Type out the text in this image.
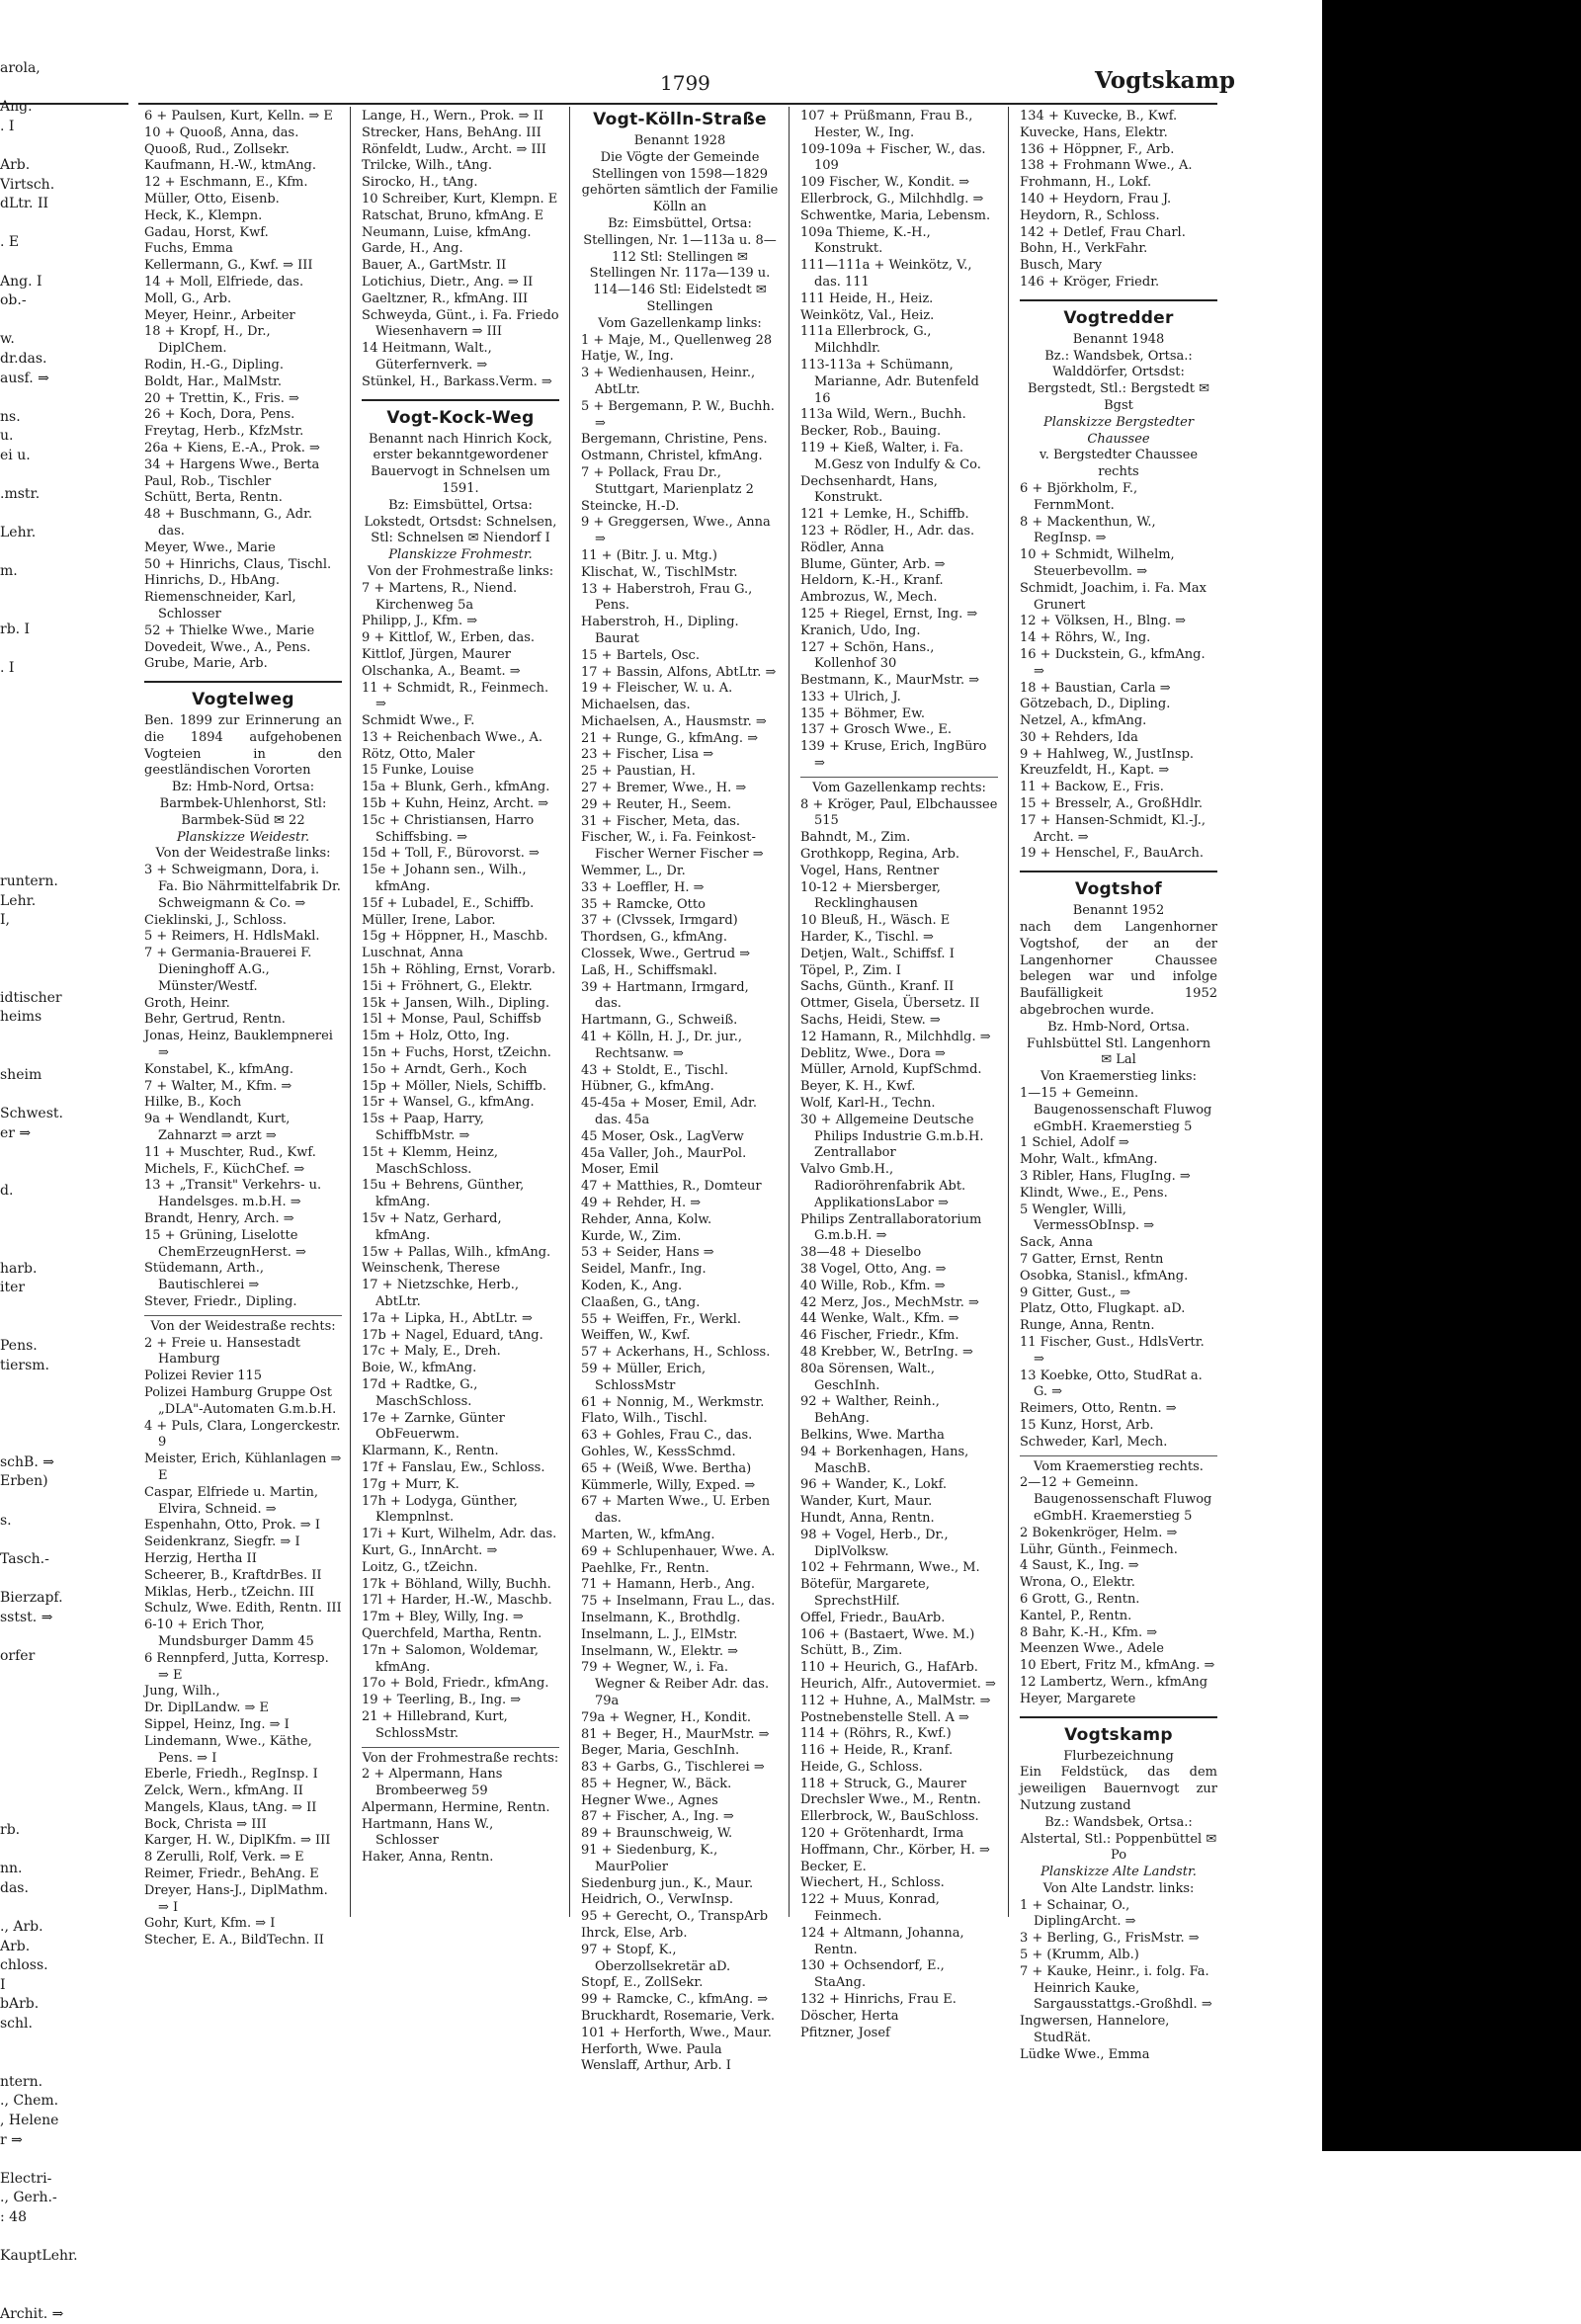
arola,
Ang.
. I
Arb.
Virtsch.
dLtr. II
. E
Ang. I
ob.-
w.
dr.das.
ausf. ⇒
ns.
u.
ei u.
.mstr.
Lehr.
m.
rb. I
. I
runtern.
Lehr.
I,
idtischer
heims
sheim
Schwest.
er ⇒
d.
harb.
iter
Pens.
tiersm.
schB. ⇒
Erben)
s.
Tasch.-
Bierzapf.
sstst. ⇒
orfer
rb.
nn.
das.
., Arb.
Arb.
chloss.
I
bArb.
schl.
ntern.
., Chem.
, Helene
r ⇒
Electri-
., Gerh.-
: 48
KauptLehr.
Archit. ⇒
1799	Vogtskamp
6 + Paulsen, Kurt, Kelln. ⇒ E
10 + Quooß, Anna, das.
Quooß, Rud., Zollsekr.
Kaufmann, H.-W., ktmAng.
12 + Eschmann, E., Kfm.
Müller, Otto, Eisenb.
Heck, K., Klempn.
Gadau, Horst, Kwf.
Fuchs, Emma
Kellermann, G., Kwf. ⇒ III
14 + Moll, Elfriede, das.
Moll, G., Arb.
Meyer, Heinr., Arbeiter
18 + Kropf, H., Dr., DiplChem.
Rodin, H.-G., Dipling.
Boldt, Har., MalMstr.
20 + Trettin, K., Fris. ⇒
26 + Koch, Dora, Pens.
Freytag, Herb., KfzMstr.
26a + Kiens, E.-A., Prok. ⇒
34 + Hargens Wwe., Berta
Paul, Rob., Tischler
Schütt, Berta, Rentn.
48 + Buschmann, G., Adr. das.
Meyer, Wwe., Marie
50 + Hinrichs, Claus, Tischl.
Hinrichs, D., HbAng.
Riemenschneider, Karl, Schlosser
52 + Thielke Wwe., Marie
Dovedeit, Wwe., A., Pens.
Grube, Marie, Arb.
Vogtelweg
Ben. 1899 zur Erinnerung an die 1894 aufgehobenen Vogteien in den geestländischen Vororten
Bz: Hmb-Nord, Ortsa: Barmbek-Uhlenhorst, Stl: Barmbek-Süd ✉ 22
Planskizze Weidestr.
Von der Weidestraße links:
3 + Schweigmann, Dora, i. Fa. Bio Nährmittelfabrik Dr. Schweigmann & Co. ⇒
Cieklinski, J., Schloss.
5 + Reimers, H. HdlsMakl.
7 + Germania-Brauerei F. Dieninghoff A.G., Münster/Westf.
Groth, Heinr.
Behr, Gertrud, Rentn.
Jonas, Heinz, Bauklempnerei ⇒
Konstabel, K., kfmAng.
7 + Walter, M., Kfm. ⇒
Hilke, B., Koch
9a + Wendlandt, Kurt, Zahnarzt ⇒ arzt ⇒
11 + Muschter, Rud., Kwf.
Michels, F., KüchChef. ⇒
13 + „Transit" Verkehrs- u. Handelsges. m.b.H. ⇒
Brandt, Henry, Arch. ⇒
15 + Grüning, Liselotte ChemErzeugnHerst. ⇒
Stüdemann, Arth., Bautischlerei ⇒
Stever, Friedr., Dipling.
Von der Weidestraße rechts:
2 + Freie u. Hansestadt Hamburg
Polizei Revier 115
Polizei Hamburg Gruppe Ost „DLA"-Automaten G.m.b.H.
4 + Puls, Clara, Longerckestr. 9
Meister, Erich, Kühlanlagen ⇒ E
Caspar, Elfriede u. Martin, Elvira, Schneid. ⇒
Espenhahn, Otto, Prok. ⇒ I
Seidenkranz, Siegfr. ⇒ I
Herzig, Hertha II
Scheerer, B., KraftdrBes. II
Miklas, Herb., tZeichn. III
Schulz, Wwe. Edith, Rentn. III
6-10 + Erich Thor, Mundsburger Damm 45
6 Rennpferd, Jutta, Korresp. ⇒ E
Jung, Wilh.,
Dr. DiplLandw. ⇒ E
Sippel, Heinz, Ing. ⇒ I
Lindemann, Wwe., Käthe, Pens. ⇒ I
Eberle, Friedh., RegInsp. I
Zelck, Wern., kfmAng. II
Mangels, Klaus, tAng. ⇒ II
Bock, Christa ⇒ III
Karger, H. W., DiplKfm. ⇒ III
8 Zerulli, Rolf, Verk. ⇒ E
Reimer, Friedr., BehAng. E
Dreyer, Hans-J., DiplMathm. ⇒ I
Gohr, Kurt, Kfm. ⇒ I
Stecher, E. A., BildTechn. II
Lange, H., Wern., Prok. ⇒ II
Strecker, Hans, BehAng. III
Rönfeldt, Ludw., Archt. ⇒ III
Trilcke, Wilh., tAng.
Sirocko, H., tAng.
10 Schreiber, Kurt, Klempn. E
Ratschat, Bruno, kfmAng. E
Neumann, Luise, kfmAng.
Garde, H., Ang.
Bauer, A., GartMstr. II
Lotichius, Dietr., Ang. ⇒ II
Gaeltzner, R., kfmAng. III
Schweyda, Günt., i. Fa. Friedo Wiesenhavern ⇒ III
14 Heitmann, Walt., Güterfernverk. ⇒
Stünkel, H., Barkass.Verm. ⇒
Vogt-Kock-Weg
Benannt nach Hinrich Kock, erster bekanntgewordener Bauervogt in Schnelsen um 1591.
Bz: Eimsbüttel, Ortsa: Lokstedt, Ortsdst: Schnelsen, Stl: Schnelsen ✉ Niendorf I
Planskizze Frohmestr.
Von der Frohmestraße links:
7 + Martens, R., Niend. Kirchenweg 5a
Philipp, J., Kfm. ⇒
9 + Kittlof, W., Erben, das.
Kittlof, Jürgen, Maurer
Olschanka, A., Beamt. ⇒
11 + Schmidt, R., Feinmech. ⇒
Schmidt Wwe., F.
13 + Reichenbach Wwe., A.
Rötz, Otto, Maler
15 Funke, Louise
15a + Blunk, Gerh., kfmAng.
15b + Kuhn, Heinz, Archt. ⇒
15c + Christiansen, Harro Schiffsbing. ⇒
15d + Toll, F., Bürovorst. ⇒
15e + Johann sen., Wilh., kfmAng.
15f + Lubadel, E., Schiffb.
Müller, Irene, Labor.
15g + Höppner, H., Maschb.
Luschnat, Anna
15h + Röhling, Ernst, Vorarb.
15i + Fröhnert, G., Elektr.
15k + Jansen, Wilh., Dipling.
15l + Monse, Paul, Schiffsb
15m + Holz, Otto, Ing.
15n + Fuchs, Horst, tZeichn.
15o + Arndt, Gerh., Koch
15p + Möller, Niels, Schiffb.
15r + Wansel, G., kfmAng.
15s + Paap, Harry, SchiffbMstr. ⇒
15t + Klemm, Heinz, MaschSchloss.
15u + Behrens, Günther, kfmAng.
15v + Natz, Gerhard, kfmAng.
15w + Pallas, Wilh., kfmAng.
Weinschenk, Therese
17 + Nietzschke, Herb., AbtLtr.
17a + Lipka, H., AbtLtr. ⇒
17b + Nagel, Eduard, tAng.
17c + Maly, E., Dreh.
Boie, W., kfmAng.
17d + Radtke, G., MaschSchloss.
17e + Zarnke, Günter ObFeuerwm.
Klarmann, K., Rentn.
17f + Fanslau, Ew., Schloss.
17g + Murr, K.
17h + Lodyga, Günther, Klempnlnst.
17i + Kurt, Wilhelm, Adr. das.
Kurt, G., InnArcht. ⇒
Loitz, G., tZeichn.
17k + Böhland, Willy, Buchh.
17l + Harder, H.-W., Maschb.
17m + Bley, Willy, Ing. ⇒
Querchfeld, Martha, Rentn.
17n + Salomon, Woldemar, kfmAng.
17o + Bold, Friedr., kfmAng.
19 + Teerling, B., Ing. ⇒
21 + Hillebrand, Kurt, SchlossMstr.
Von der Frohmestraße rechts:
2 + Alpermann, Hans Brombeerweg 59
Alpermann, Hermine, Rentn.
Hartmann, Hans W., Schlosser
Haker, Anna, Rentn.
Vogt-Kölln-Straße
Benannt 1928
Die Vögte der Gemeinde Stellingen von 1598—1829 gehörten sämtlich der Familie Kölln an
Bz: Eimsbüttel, Ortsa: Stellingen, Nr. 1—113a u. 8—112 Stl: Stellingen ✉ Stellingen Nr. 117a—139 u. 114—146 Stl: Eidelstedt ✉ Stellingen
Vom Gazellenkamp links:
1 + Maje, M., Quellenweg 28
Hatje, W., Ing.
3 + Wedienhausen, Heinr., AbtLtr.
5 + Bergemann, P. W., Buchh. ⇒
Bergemann, Christine, Pens.
Ostmann, Christel, kfmAng.
7 + Pollack, Frau Dr., Stuttgart, Marienplatz 2
Steincke, H.-D.
9 + Greggersen, Wwe., Anna ⇒
11 + (Bitr. J. u. Mtg.)
Klischat, W., TischlMstr.
13 + Haberstroh, Frau G., Pens.
Haberstroh, H., Dipling. Baurat
15 + Bartels, Osc.
17 + Bassin, Alfons, AbtLtr. ⇒
19 + Fleischer, W. u. A.
Michaelsen, das.
Michaelsen, A., Hausmstr. ⇒
21 + Runge, G., kfmAng. ⇒
23 + Fischer, Lisa ⇒
25 + Paustian, H.
27 + Bremer, Wwe., H. ⇒
29 + Reuter, H., Seem.
31 + Fischer, Meta, das.
Fischer, W., i. Fa. Feinkost-Fischer Werner Fischer ⇒
Wemmer, L., Dr.
33 + Loeffler, H. ⇒
35 + Ramcke, Otto
37 + (Clvssek, Irmgard)
Thordsen, G., kfmAng.
Clossek, Wwe., Gertrud ⇒
Laß, H., Schiffsmakl.
39 + Hartmann, Irmgard, das.
Hartmann, G., Schweiß.
41 + Kölln, H. J., Dr. jur., Rechtsanw. ⇒
43 + Stoldt, E., Tischl.
Hübner, G., kfmAng.
45-45a + Moser, Emil, Adr. das. 45a
45 Moser, Osk., LagVerw
45a Valler, Joh., MaurPol.
Moser, Emil
47 + Matthies, R., Domteur
49 + Rehder, H. ⇒
Rehder, Anna, Kolw.
Kurde, W., Zim.
53 + Seider, Hans ⇒
Seidel, Manfr., Ing.
Koden, K., Ang.
Claaßen, G., tAng.
55 + Weiffen, Fr., Werkl.
Weiffen, W., Kwf.
57 + Ackerhans, H., Schloss.
59 + Müller, Erich, SchlossMstr
61 + Nonnig, M., Werkmstr.
Flato, Wilh., Tischl.
63 + Gohles, Frau C., das.
Gohles, W., KessSchmd.
65 + (Weiß, Wwe. Bertha)
Kümmerle, Willy, Exped. ⇒
67 + Marten Wwe., U. Erben das.
Marten, W., kfmAng.
69 + Schlupenhauer, Wwe. A.
Paehlke, Fr., Rentn.
71 + Hamann, Herb., Ang.
75 + Inselmann, Frau L., das.
Inselmann, K., Brothdlg.
Inselmann, L. J., ElMstr.
Inselmann, W., Elektr. ⇒
79 + Wegner, W., i. Fa. Wegner & Reiber Adr. das. 79a
79a + Wegner, H., Kondit.
81 + Beger, H., MaurMstr. ⇒
Beger, Maria, GeschInh.
83 + Garbs, G., Tischlerei ⇒
85 + Hegner, W., Bäck.
Hegner Wwe., Agnes
87 + Fischer, A., Ing. ⇒
89 + Braunschweig, W.
91 + Siedenburg, K., MaurPolier
Siedenburg jun., K., Maur.
Heidrich, O., VerwInsp.
95 + Gerecht, O., TranspArb
Ihrck, Else, Arb.
97 + Stopf, K., Oberzollsekretär aD.
Stopf, E., ZollSekr.
99 + Ramcke, C., kfmAng. ⇒
Bruckhardt, Rosemarie, Verk.
101 + Herforth, Wwe., Maur.
Herforth, Wwe. Paula
Wenslaff, Arthur, Arb. I
107 + Prüßmann, Frau B., Hester, W., Ing.
109-109a + Fischer, W., das. 109
109 Fischer, W., Kondit. ⇒
Ellerbrock, G., Milchhdlg. ⇒
Schwentke, Maria, Lebensm.
109a Thieme, K.-H., Konstrukt.
111—111a + Weinkötz, V., das. 111
111 Heide, H., Heiz.
Weinkötz, Val., Heiz.
111a Ellerbrock, G., Milchhdlr.
113-113a + Schümann, Marianne, Adr. Butenfeld 16
113a Wild, Wern., Buchh.
Becker, Rob., Bauing.
119 + Kieß, Walter, i. Fa. M.Gesz von Indulfy & Co.
Dechsenhardt, Hans, Konstrukt.
121 + Lemke, H., Schiffb.
123 + Rödler, H., Adr. das.
Rödler, Anna
Blume, Günter, Arb. ⇒
Heldorn, K.-H., Kranf.
Ambrozus, W., Mech.
125 + Riegel, Ernst, Ing. ⇒
Kranich, Udo, Ing.
127 + Schön, Hans., Kollenhof 30
Bestmann, K., MaurMstr. ⇒
133 + Ulrich, J.
135 + Böhmer, Ew.
137 + Grosch Wwe., E.
139 + Kruse, Erich, IngBüro ⇒
Vom Gazellenkamp rechts:
8 + Kröger, Paul, Elbchaussee 515
Bahndt, M., Zim.
Grothkopp, Regina, Arb.
Vogel, Hans, Rentner
10-12 + Miersberger, Recklinghausen
10 Bleuß, H., Wäsch. E
Harder, K., Tischl. ⇒
Detjen, Walt., Schiffsf. I
Töpel, P., Zim. I
Sachs, Günth., Kranf. II
Ottmer, Gisela, Übersetz. II
Sachs, Heidi, Stew. ⇒
12 Hamann, R., Milchhdlg. ⇒
Deblitz, Wwe., Dora ⇒
Müller, Arnold, KupfSchmd.
Beyer, K. H., Kwf.
Wolf, Karl-H., Techn.
30 + Allgemeine Deutsche Philips Industrie G.m.b.H. Zentrallabor
Valvo Gmb.H., Radioröhrenfabrik Abt. ApplikationsLabor ⇒
Philips Zentrallaboratorium G.m.b.H. ⇒
38—48 + Dieselbo
38 Vogel, Otto, Ang. ⇒
40 Wille, Rob., Kfm. ⇒
42 Merz, Jos., MechMstr. ⇒
44 Wenke, Walt., Kfm. ⇒
46 Fischer, Friedr., Kfm.
48 Krebber, W., BetrIng. ⇒
80a Sörensen, Walt., GeschInh.
92 + Walther, Reinh., BehAng.
Belkins, Wwe. Martha
94 + Borkenhagen, Hans, MaschB.
96 + Wander, K., Lokf.
Wander, Kurt, Maur.
Hundt, Anna, Rentn.
98 + Vogel, Herb., Dr., DiplVolksw.
102 + Fehrmann, Wwe., M.
Bötefür, Margarete, SprechstHilf.
Offel, Friedr., BauArb.
106 + (Bastaert, Wwe. M.)
Schütt, B., Zim.
110 + Heurich, G., HafArb.
Heurich, Alfr., Autovermiet. ⇒
112 + Huhne, A., MalMstr. ⇒
Postnebenstelle Stell. A ⇒
114 + (Röhrs, R., Kwf.)
116 + Heide, R., Kranf.
Heide, G., Schloss.
118 + Struck, G., Maurer
Drechsler Wwe., M., Rentn.
Ellerbrock, W., BauSchloss.
120 + Grötenhardt, Irma
Hoffmann, Chr., Körber, H. ⇒
Becker, E.
Wiechert, H., Schloss.
122 + Muus, Konrad, Feinmech.
124 + Altmann, Johanna, Rentn.
130 + Ochsendorf, E., StaAng.
132 + Hinrichs, Frau E.
Döscher, Herta
Pfitzner, Josef
134 + Kuvecke, B., Kwf.
Kuvecke, Hans, Elektr.
136 + Höppner, F., Arb.
138 + Frohmann Wwe., A.
Frohmann, H., Lokf.
140 + Heydorn, Frau J.
Heydorn, R., Schloss.
142 + Detlef, Frau Charl.
Bohn, H., VerkFahr.
Busch, Mary
146 + Kröger, Friedr.
Vogtredder
Benannt 1948
Bz.: Wandsbek, Ortsa.: Walddörfer, Ortsdst: Bergstedt, Stl.: Bergstedt ✉ Bgst
Planskizze Bergstedter Chaussee
v. Bergstedter Chaussee rechts
6 + Björkholm, F., FernmMont.
8 + Mackenthun, W., RegInsp. ⇒
10 + Schmidt, Wilhelm, Steuerbevollm. ⇒
Schmidt, Joachim, i. Fa. Max Grunert
12 + Völksen, H., Blng. ⇒
14 + Röhrs, W., Ing.
16 + Duckstein, G., kfmAng. ⇒
18 + Baustian, Carla ⇒
Götzebach, D., Dipling.
Netzel, A., kfmAng.
30 + Rehders, Ida
9 + Hahlweg, W., JustInsp.
Kreuzfeldt, H., Kapt. ⇒
11 + Backow, E., Fris.
15 + Bresselr, A., GroßHdlr.
17 + Hansen-Schmidt, Kl.-J., Archt. ⇒
19 + Henschel, F., BauArch.
Vogtshof
Benannt 1952
nach dem Langenhorner Vogtshof, der an der Langenhorner Chaussee belegen war und infolge Baufälligkeit 1952 abgebrochen wurde.
Bz. Hmb-Nord, Ortsa. Fuhlsbüttel Stl. Langenhorn ✉ Lal
Von Kraemerstieg links:
1—15 + Gemeinn. Baugenossenschaft Fluwog eGmbH. Kraemerstieg 5
1 Schiel, Adolf ⇒
Mohr, Walt., kfmAng.
3 Ribler, Hans, FlugIng. ⇒
Klindt, Wwe., E., Pens.
5 Wengler, Willi, VermessObInsp. ⇒
Sack, Anna
7 Gatter, Ernst, Rentn
Osobka, Stanisl., kfmAng.
9 Gitter, Gust., ⇒
Platz, Otto, Flugkapt. aD.
Runge, Anna, Rentn.
11 Fischer, Gust., HdlsVertr. ⇒
13 Koebke, Otto, StudRat a. G. ⇒
Reimers, Otto, Rentn. ⇒
15 Kunz, Horst, Arb.
Schweder, Karl, Mech.
Vom Kraemerstieg rechts.
2—12 + Gemeinn. Baugenossenschaft Fluwog eGmbH. Kraemerstieg 5
2 Bokenkröger, Helm. ⇒
Lühr, Günth., Feinmech.
4 Saust, K., Ing. ⇒
Wrona, O., Elektr.
6 Grott, G., Rentn.
Kantel, P., Rentn.
8 Bahr, K.-H., Kfm. ⇒
Meenzen Wwe., Adele
10 Ebert, Fritz M., kfmAng. ⇒
12 Lambertz, Wern., kfmAng
Heyer, Margarete
Vogtskamp
Flurbezeichnung
Ein Feldstück, das dem jeweiligen Bauernvogt zur Nutzung zustand
Bz.: Wandsbek, Ortsa.: Alstertal, Stl.: Poppenbüttel ✉ Po
Planskizze Alte Landstr.
Von Alte Landstr. links:
1 + Schainar, O., DiplingArcht. ⇒
3 + Berling, G., FrisMstr. ⇒
5 + (Krumm, Alb.)
7 + Kauke, Heinr., i. folg. Fa. Heinrich Kauke, Sargausstattgs.-Großhdl. ⇒
Ingwersen, Hannelore, StudRät.
Lüdke Wwe., Emma
